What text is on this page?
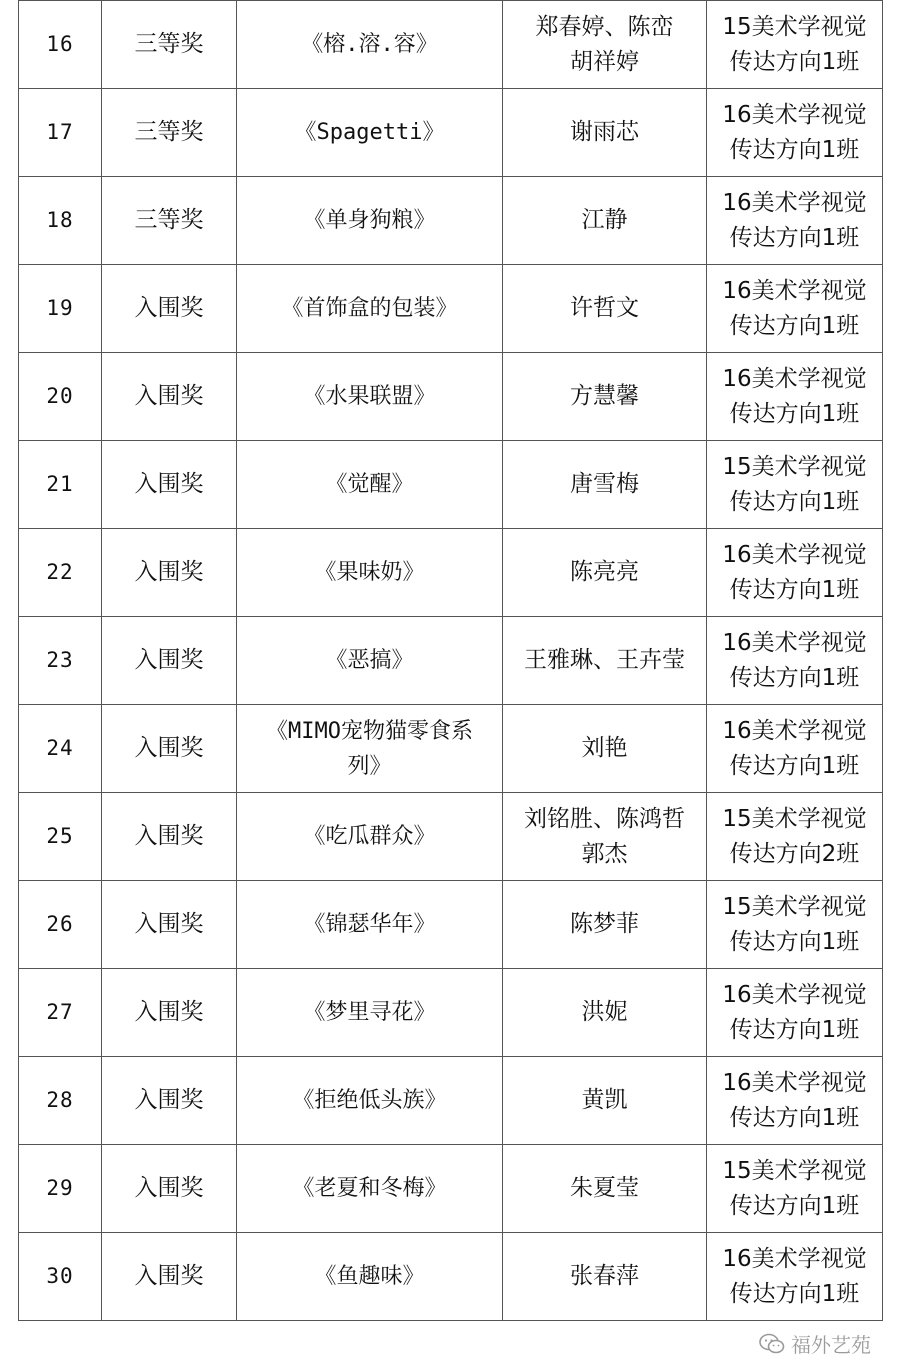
16	三等奖	《榕.溶.容》	郑春婷、陈峦
胡祥婷	15美术学视觉
传达方向1班

17	三等奖	《Spagetti》	谢雨芯	16美术学视觉
传达方向1班

18	三等奖	《单身狗粮》	江静	16美术学视觉
传达方向1班

19	入围奖	《首饰盒的包装》	许哲文	16美术学视觉
传达方向1班

20	入围奖	《水果联盟》	方慧馨	16美术学视觉
传达方向1班

21	入围奖	《觉醒》	唐雪梅	15美术学视觉
传达方向1班

22	入围奖	《果味奶》	陈亮亮	16美术学视觉
传达方向1班

23	入围奖	《恶搞》	王雅琳、王卉莹	16美术学视觉
传达方向1班

24	入围奖	《MIMO宠物猫零食系
列》	刘艳	16美术学视觉
传达方向1班

25	入围奖	《吃瓜群众》	刘铭胜、陈鸿哲
郭杰	15美术学视觉
传达方向2班

26	入围奖	《锦瑟华年》	陈梦菲	15美术学视觉
传达方向1班

27	入围奖	《梦里寻花》	洪妮	16美术学视觉
传达方向1班

28	入围奖	《拒绝低头族》	黄凯	16美术学视觉
传达方向1班

29	入围奖	《老夏和冬梅》	朱夏莹	15美术学视觉
传达方向1班

30	入围奖	《鱼趣味》	张春萍	16美术学视觉
传达方向1班
福外艺苑
